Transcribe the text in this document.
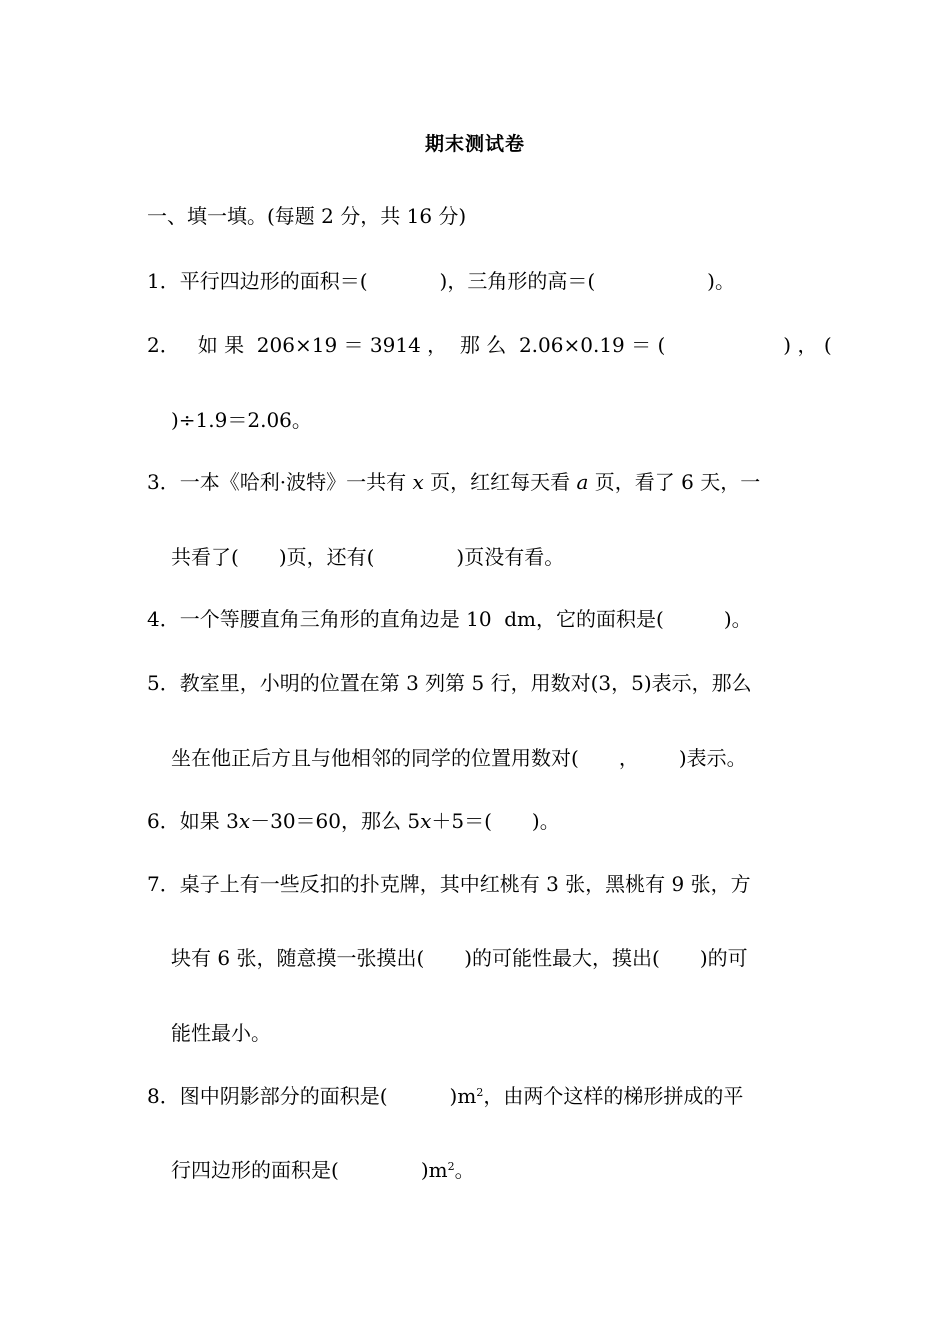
期末测试卷
一、填一填。(每题 2 分，共 16 分)
1．平行四边形的面积＝(	)，三角形的高＝(	)。
2． 如 果  206×19 ＝ 3914 ，  那 么  2.06×0.19 ＝ (	) ， (
)÷1.9＝2.06。
3．一本《哈利·波特》一共有 x 页，红红每天看 a 页，看了 6 天，一
共看了( )页，还有(	)页没有看。
4．一个等腰直角三角形的直角边是 10  dm，它的面积是(	)。
5．教室里，小明的位置在第 3 列第 5 行，用数对(3，5)表示，那么
坐在他正后方且与他相邻的同学的位置用数对( ， )表示。
6．如果 3x－30＝60，那么 5x＋5＝( )。
7．桌子上有一些反扣的扑克牌，其中红桃有 3 张，黑桃有 9 张，方
块有 6 张，随意摸一张摸出( )的可能性最大，摸出( )的可
能性最小。
8．图中阴影部分的面积是(	)$m^2$，由两个这样的梯形拼成的平
行四边形的面积是(	)$m^2$。
